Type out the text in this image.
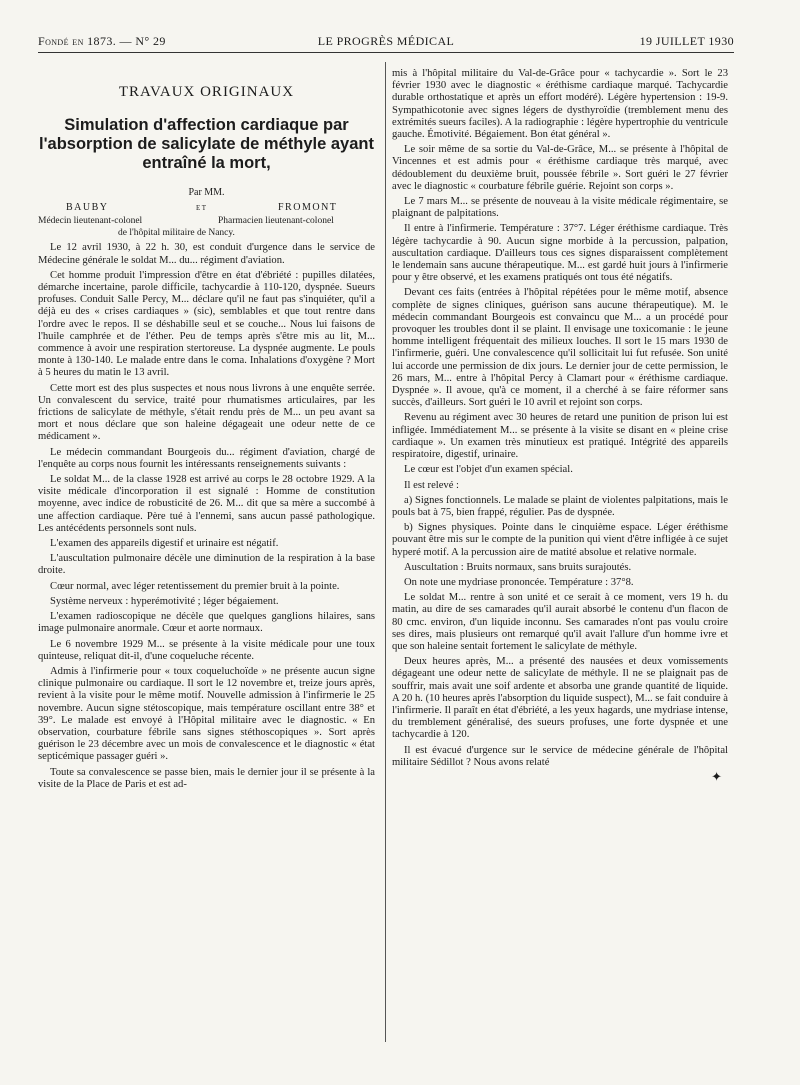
Fondé en 1873. — N° 29	LE PROGRÈS MÉDICAL	19 JUILLET 1930
TRAVAUX ORIGINAUX
Simulation d'affection cardiaque par l'absorption de salicylate de méthyle ayant entraîné la mort,
Par MM.
BAUBY	et	FROMONT
Médecin lieutenant-colonel	Pharmacien lieutenant-colonel
de l'hôpital militaire de Nancy.

Le 12 avril 1930, à 22 h. 30, est conduit d'urgence dans le service de Médecine générale le soldat M... du... régiment d'aviation.

Cet homme produit l'impression d'être en état d'ébriété : pupilles dilatées, démarche incertaine, parole difficile, tachycardie à 110-120, dyspnée. Sueurs profuses. Conduit Salle Percy, M... déclare qu'il ne faut pas s'inquiéter, qu'il a déjà eu des « crises cardiaques » (sic), semblables et que tout rentre dans l'ordre avec le repos. Il se déshabille seul et se couche... Nous lui faisons de l'huile camphrée et de l'éther. Peu de temps après s'être mis au lit, M... commence à avoir une respiration stertoreuse. La dyspnée augmente. Le pouls monte à 130-140. Le malade entre dans le coma. Inhalations d'oxygène ? Mort à 5 heures du matin le 13 avril.

Cette mort est des plus suspectes et nous nous livrons à une enquête serrée. Un convalescent du service, traité pour rhumatismes articulaires, par les frictions de salicylate de méthyle, s'était rendu près de M... un peu avant sa mort et nous déclare que son haleine dégageait une odeur nette de ce médicament ».

Le médecin commandant Bourgeois du... régiment d'aviation, chargé de l'enquête au corps nous fournit les intéressants renseignements suivants :

Le soldat M... de la classe 1928 est arrivé au corps le 28 octobre 1929. A la visite médicale d'incorporation il est signalé : Homme de constitution moyenne, avec indice de robusticité de 26. M... dit que sa mère a succombé à une affection cardiaque. Père tué à l'ennemi, sans aucun passé pathologique. Les antécédents personnels sont nuls.

L'examen des appareils digestif et urinaire est négatif.

L'auscultation pulmonaire décèle une diminution de la respiration à la base droite.

Cœur normal, avec léger retentissement du premier bruit à la pointe.

Système nerveux : hyperémotivité ; léger bégaiement.

L'examen radioscopique ne décèle que quelques ganglions hilaires, sans image pulmonaire anormale. Cœur et aorte normaux.

Le 6 novembre 1929 M... se présente à la visite médicale pour une toux quinteuse, reliquat dit-il, d'une coqueluche récente.

Admis à l'infirmerie pour « toux coqueluchoïde » ne présente aucun signe clinique pulmonaire ou cardiaque. Il sort le 12 novembre et, treize jours après, revient à la visite pour le même motif. Nouvelle admission à l'infirmerie le 25 novembre. Aucun signe stétoscopique, mais température oscillant entre 38° et 39°. Le malade est envoyé à l'Hôpital militaire avec le diagnostic. « En observation, courbature fébrile sans signes stéthoscopiques ». Sort après guérison le 23 décembre avec un mois de convalescence et le diagnostic « état septicémique passager guéri ».

Toute sa convalescence se passe bien, mais le dernier jour il se présente à la visite de la Place de Paris et est ad-

mis à l'hôpital militaire du Val-de-Grâce pour « tachycardie ». Sort le 23 février 1930 avec le diagnostic « éréthisme cardiaque marqué. Tachycardie durable orthostatique et après un effort modéré). Légère hypertension : 19-9. Sympathicotonie avec signes légers de dysthyroïdie (tremblement menu des extrémités sueurs faciles). A la radiographie : légère hypertrophie du ventricule gauche. Émotivité. Bégaiement. Bon état général ».

Le soir même de sa sortie du Val-de-Grâce, M... se présente à l'hôpital de Vincennes et est admis pour « éréthisme cardiaque très marqué, avec dédoublement du deuxième bruit, poussée fébrile ». Sort guéri le 27 février avec le diagnostic « courbature fébrile guérie. Rejoint son corps ».

Le 7 mars M... se présente de nouveau à la visite médicale régimentaire, se plaignant de palpitations.

Il entre à l'infirmerie. Température : 37°7. Léger éréthisme cardiaque. Très légère tachycardie à 90. Aucun signe morbide à la percussion, palpation, auscultation cardiaque. D'ailleurs tous ces signes disparaissent complètement le lendemain sans aucune thérapeutique. M... est gardé huit jours à l'infirmerie pour y être observé, et les examens pratiqués ont tous été négatifs.

Devant ces faits (entrées à l'hôpital répétées pour le même motif, absence complète de signes cliniques, guérison sans aucune thérapeutique). M. le médecin commandant Bourgeois est convaincu que M... a un procédé pour provoquer les troubles dont il se plaint. Il envisage une toxicomanie : le jeune homme intelligent fréquentait des milieux louches. Il sort le 15 mars 1930 de l'infirmerie, guéri. Une convalescence qu'il sollicitait lui fut refusée. Son unité lui accorde une permission de dix jours. Le dernier jour de cette permission, le 26 mars, M... entre à l'hôpital Percy à Clamart pour « éréthisme cardiaque. Dyspnée ». Il avoue, qu'à ce moment, il a cherché à se faire réformer sans succès, d'ailleurs. Sort guéri le 10 avril et rejoint son corps.

Revenu au régiment avec 30 heures de retard une punition de prison lui est infligée. Immédiatement M... se présente à la visite se disant en « pleine crise cardiaque ». Un examen très minutieux est pratiqué. Intégrité des appareils respiratoire, digestif, urinaire.

Le cœur est l'objet d'un examen spécial.

Il est relevé :

a) Signes fonctionnels. Le malade se plaint de violentes palpitations, mais le pouls bat à 75, bien frappé, régulier. Pas de dyspnée.

b) Signes physiques. Pointe dans le cinquième espace. Léger éréthisme pouvant être mis sur le compte de la punition qui vient d'être infligée à ce sujet hyperé motif. A la percussion aire de matité absolue et relative normale.

Auscultation : Bruits normaux, sans bruits surajoutés.

On note une mydriase prononcée. Température : 37°8.

Le soldat M... rentre à son unité et ce serait à ce moment, vers 19 h. du matin, au dire de ses camarades qu'il aurait absorbé le contenu d'un flacon de 80 cmc. environ, d'un liquide inconnu. Ses camarades n'ont pas voulu croire ses dires, mais plusieurs ont remarqué qu'il avait l'allure d'un homme ivre et que son haleine sentait fortement le salicylate de méthyle.

Deux heures après, M... a présenté des nausées et deux vomissements dégageant une odeur nette de salicylate de méthyle. Il ne se plaignait pas de souffrir, mais avait une soif ardente et absorba une grande quantité de liquide. A 20 h. (10 heures après l'absorption du liquide suspect), M... se fait conduire à l'infirmerie. Il paraît en état d'ébriété, a les yeux hagards, une mydriase intense, du tremblement généralisé, des sueurs profuses, une forte dyspnée et une tachycardie à 120.

Il est évacué d'urgence sur le service de médecine générale de l'hôpital militaire Sédillot ? Nous avons relaté

✦
